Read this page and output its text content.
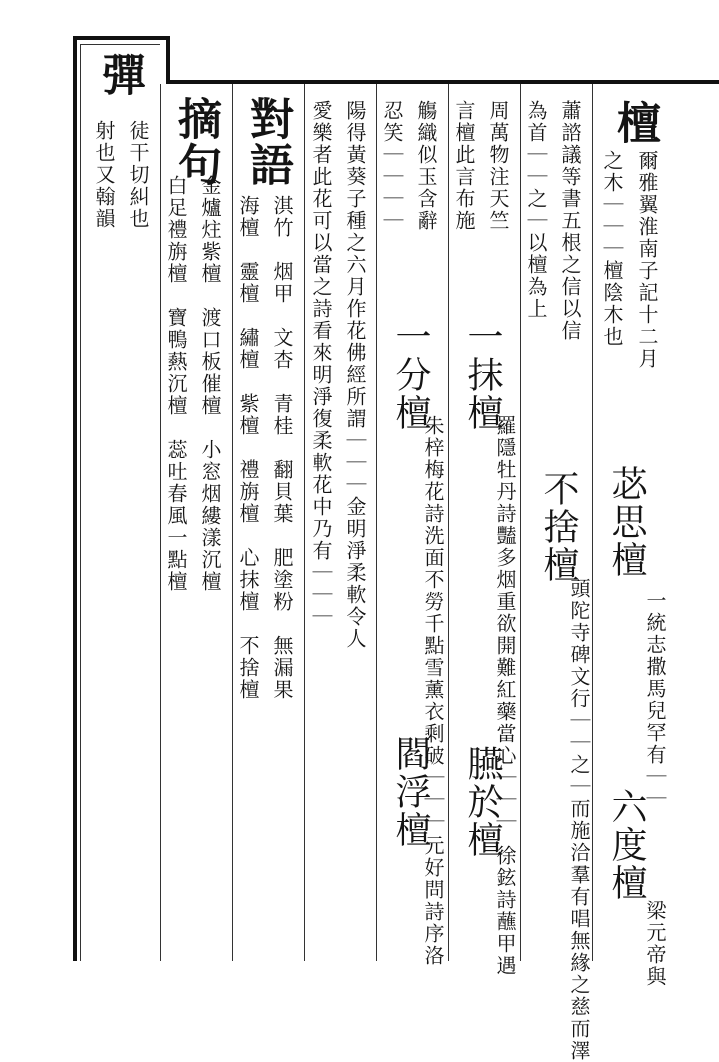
檀
爾雅翼淮南子記十二月
之木｜｜｜檀陰木也
苾思檀
一統志撒馬兒罕有｜｜
六度檀
梁元帝與
蕭諮議等書五根之信以信
為首｜｜之｜以檀為上
周萬物注天竺
言檀此言布施
一抹檀
羅隱牡丹詩豔多烟重欲開難紅藥當心｜｜｜ 不捨檀
頭陀寺碑文行｜｜之｜而施洽羣有唱無緣之慈而澤
臙於檀
徐鉉詩蘸甲遇
觴織似玉含辭
忍笑｜｜｜｜
一分檀
朱梓梅花詩洗面不勞千點雪薰衣剩破｜｜｜
閻浮檀
元好問詩序洛
陽得黃葵子種之六月作花佛經所謂｜｜｜金明淨柔軟令人
愛樂者此花可以當之詩看來明淨復柔軟花中乃有｜｜｜
對語
淇竹　烟甲　文杏　青桂　翻貝葉　肥塗粉　無漏果
海檀　靈檀　繡檀　紫檀　禮旃檀　心抹檀　不捨檀
摘句
金爐炷紫檀　渡口板催檀　小窓烟縷漾沉檀
白足禮旃檀　寶鴨爇沉檀　蕊吐春風一點檀
彈
徒干切糾也
射也又翰韻
